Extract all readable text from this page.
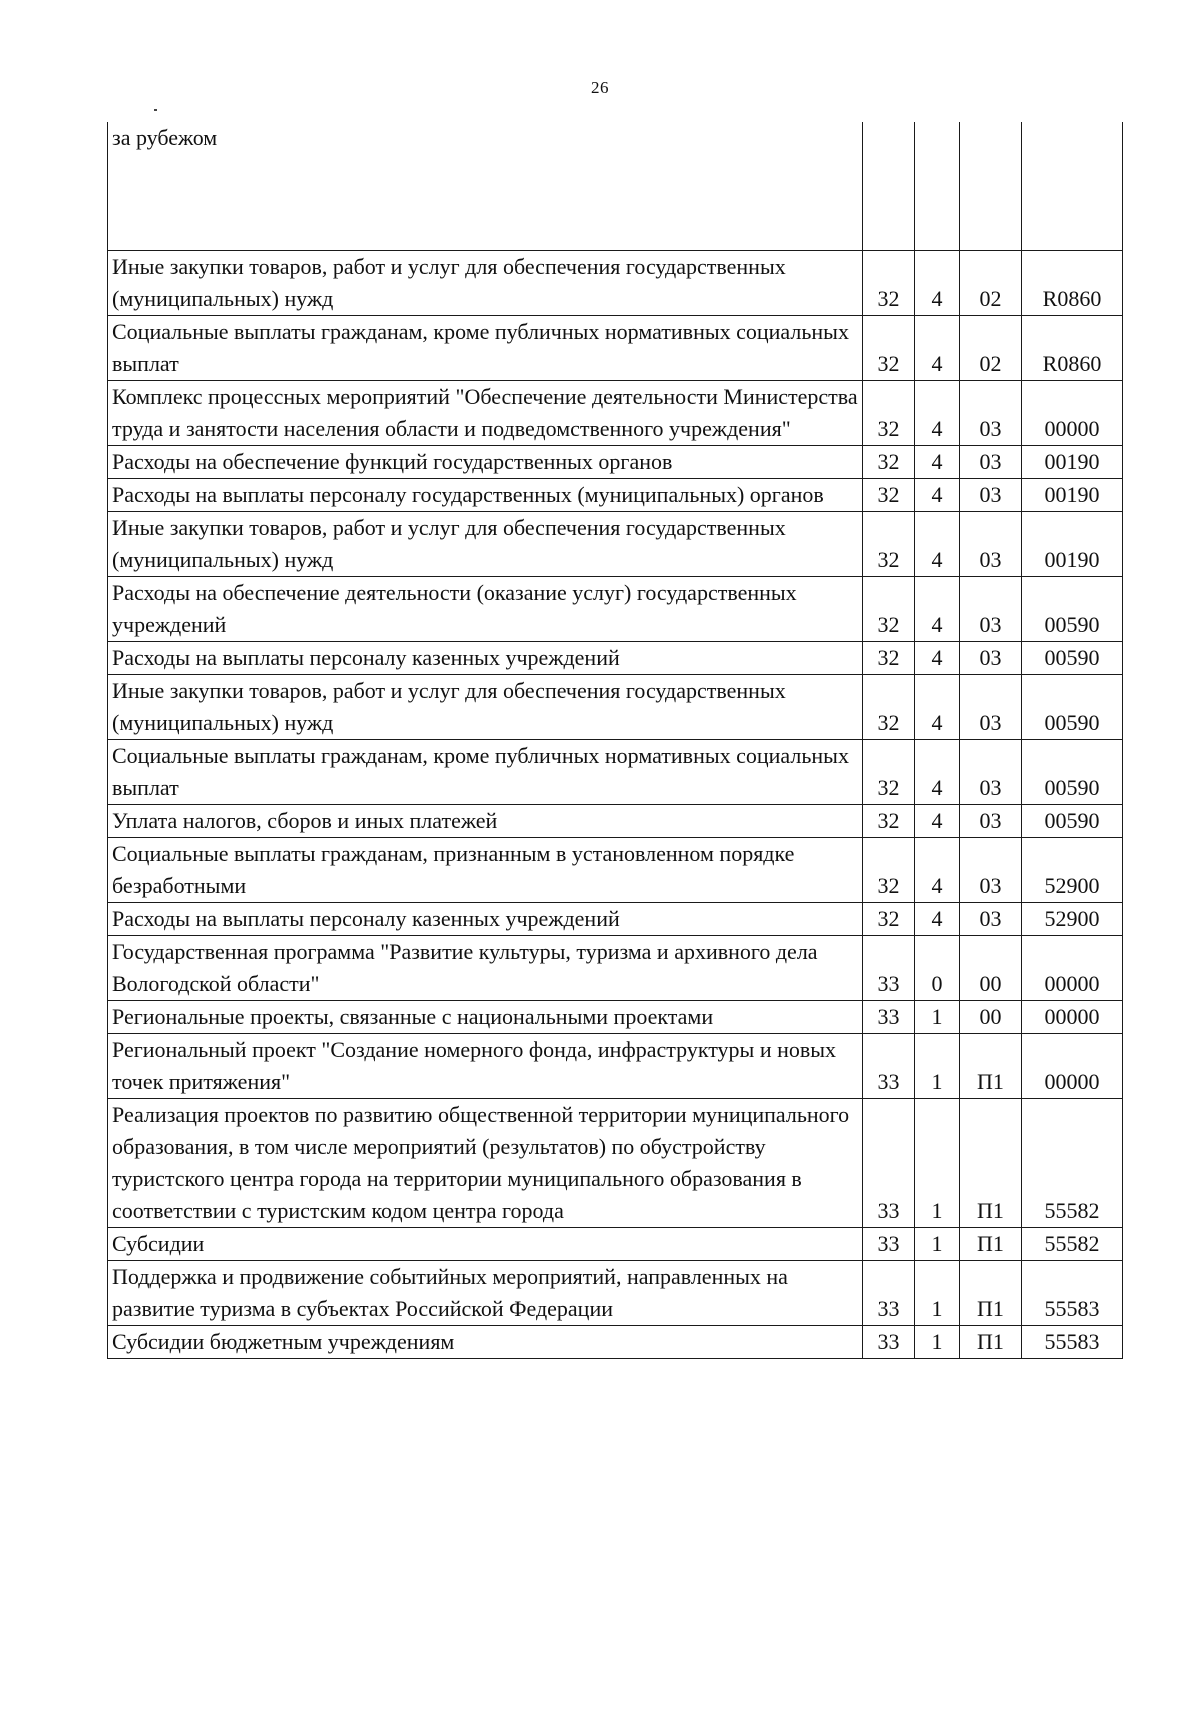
26
за рубежом				
Иные закупки товаров, работ и услуг для обеспечения государственных (муниципальных) нужд	32	4	02	R0860
Социальные выплаты гражданам, кроме публичных нормативных социальных выплат	32	4	02	R0860
Комплекс процессных мероприятий "Обеспечение деятельности Министерства труда и занятости населения области и подведомственного учреждения"	32	4	03	00000
Расходы на обеспечение функций государственных органов	32	4	03	00190
Расходы на выплаты персоналу государственных (муниципальных) органов	32	4	03	00190
Иные закупки товаров, работ и услуг для обеспечения государственных (муниципальных) нужд	32	4	03	00190
Расходы на обеспечение деятельности (оказание услуг) государственных учреждений	32	4	03	00590
Расходы на выплаты персоналу казенных учреждений	32	4	03	00590
Иные закупки товаров, работ и услуг для обеспечения государственных (муниципальных) нужд	32	4	03	00590
Социальные выплаты гражданам, кроме публичных нормативных социальных выплат	32	4	03	00590
Уплата налогов, сборов и иных платежей	32	4	03	00590
Социальные выплаты гражданам, признанным в установленном порядке безработными	32	4	03	52900
Расходы на выплаты персоналу казенных учреждений	32	4	03	52900
Государственная программа "Развитие культуры, туризма и архивного дела Вологодской области"	33	0	00	00000
Региональные проекты, связанные с национальными проектами	33	1	00	00000
Региональный проект "Создание номерного фонда, инфраструктуры и новых точек притяжения"	33	1	П1	00000
Реализация проектов по развитию общественной территории муниципального образования, в том числе мероприятий (результатов) по обустройству туристского центра города на территории муниципального образования в соответствии с туристским кодом центра города	33	1	П1	55582
Субсидии	33	1	П1	55582
Поддержка и продвижение событийных мероприятий, направленных на развитие туризма в субъектах Российской Федерации	33	1	П1	55583
Субсидии бюджетным учреждениям	33	1	П1	55583
